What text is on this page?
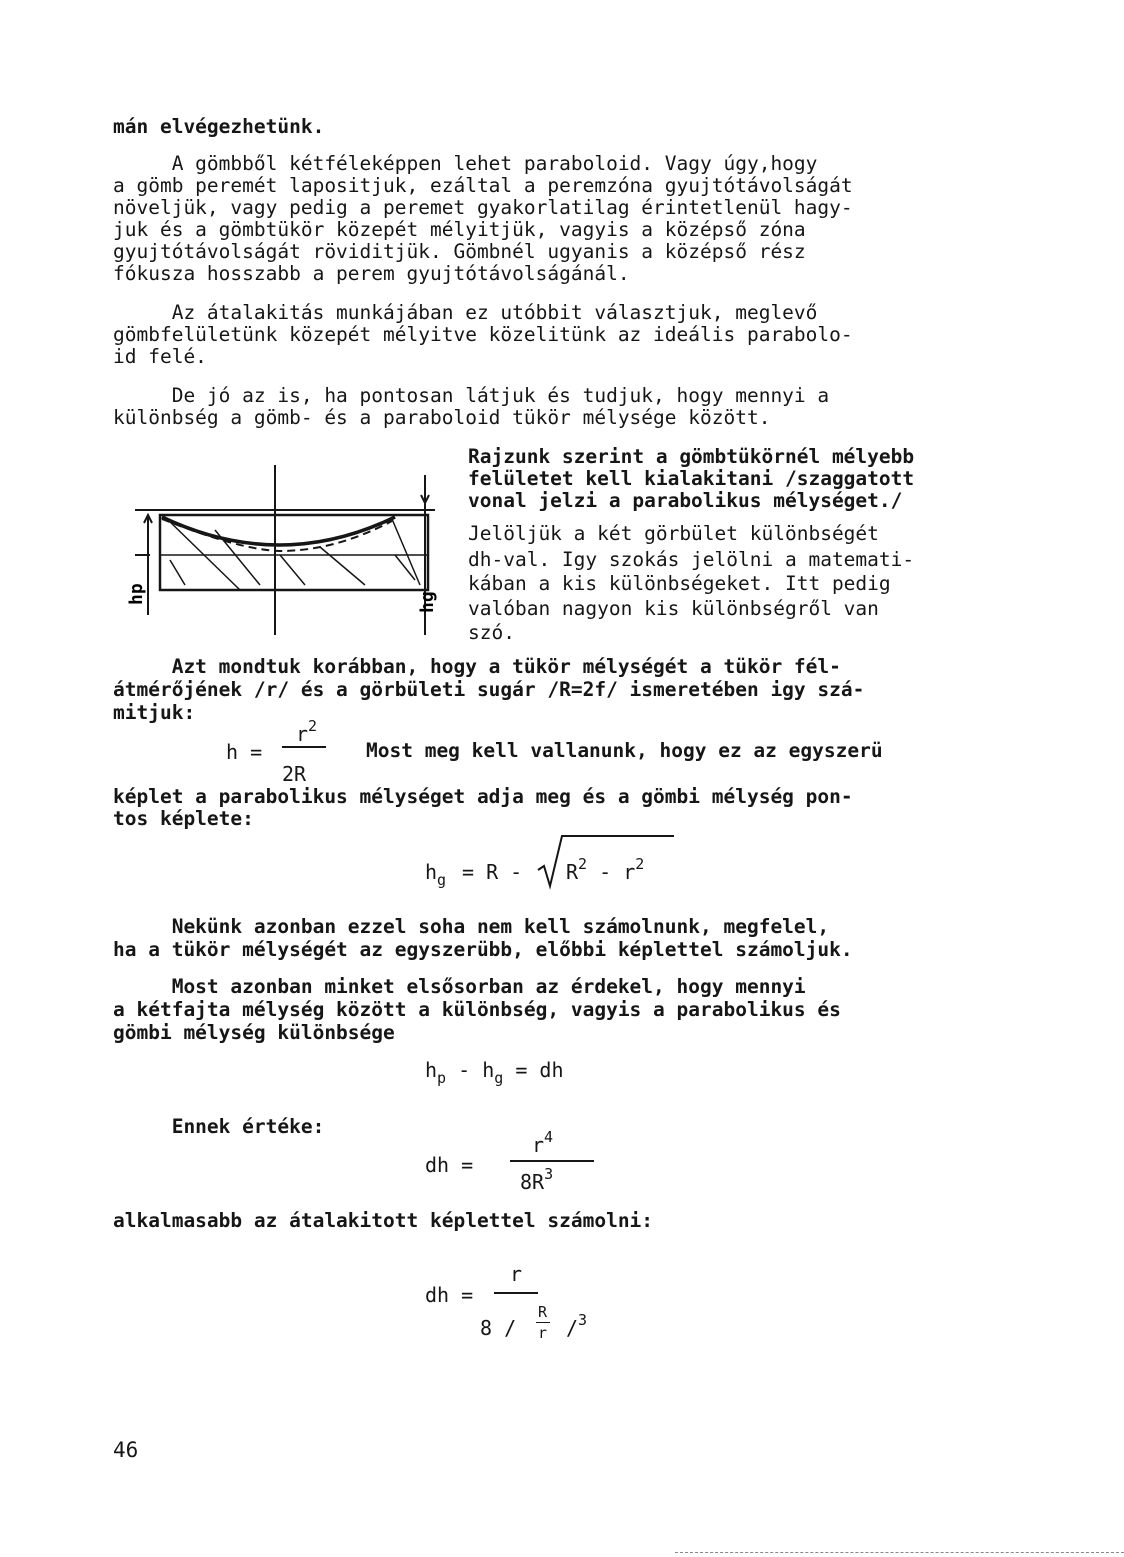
mán elvégezhetünk.

A gömbből kétféleképpen lehet paraboloid. Vagy úgy,hogy

a gömb peremét lapositjuk, ezáltal a peremzóna gyujtótávolságát

növeljük, vagy pedig a peremet gyakorlatilag érintetlenül hagy-

juk és a gömbtükör közepét mélyitjük, vagyis a középső zóna

gyujtótávolságát röviditjük. Gömbnél ugyanis a középső rész

fókusza hosszabb a perem gyujtótávolságánál.

Az átalakitás munkájában ez utóbbit választjuk, meglevő

gömbfelületünk közepét mélyitve közelitünk az ideális parabolo-

id felé.

De jó az is, ha pontosan látjuk és tudjuk, hogy mennyi a

különbség a gömb- és a paraboloid tükör mélysége között.

hp	hg

Rajzunk szerint a gömbtükörnél mélyebb

felületet kell kialakitani /szaggatott

vonal jelzi a parabolikus mélységet./

Jelöljük a két görbület különbségét

dh-val. Igy szokás jelölni a matemati-

kában a kis különbségeket. Itt pedig

valóban nagyon kis különbségről van

szó.

Azt mondtuk korábban, hogy a tükör mélységét a tükör fél-

átmérőjének /r/ és a görbületi sugár /R=2f/ ismeretében igy szá-

mitjuk:

h =
$r^2$
2R

Most meg kell vallanunk, hogy ez az egyszerü

képlet a parabolikus mélységet adja meg és a gömbi mélység pon-

tos képlete:

$h_g = R - R^2 - r^2$

Nekünk azonban ezzel soha nem kell számolnunk, megfelel,

ha a tükör mélységét az egyszerübb, előbbi képlettel számoljuk.

Most azonban minket elsősorban az érdekel, hogy mennyi

a kétfajta mélység között a különbség, vagyis a parabolikus és

gömbi mélység különbsége

$h_p - h_g$ = dh

Ennek értéke:

dh =
$r^4$
$8R^3$

alkalmasabb az átalakitott képlettel számolni:

dh =
r
8 /
R
r /$^3$
46
